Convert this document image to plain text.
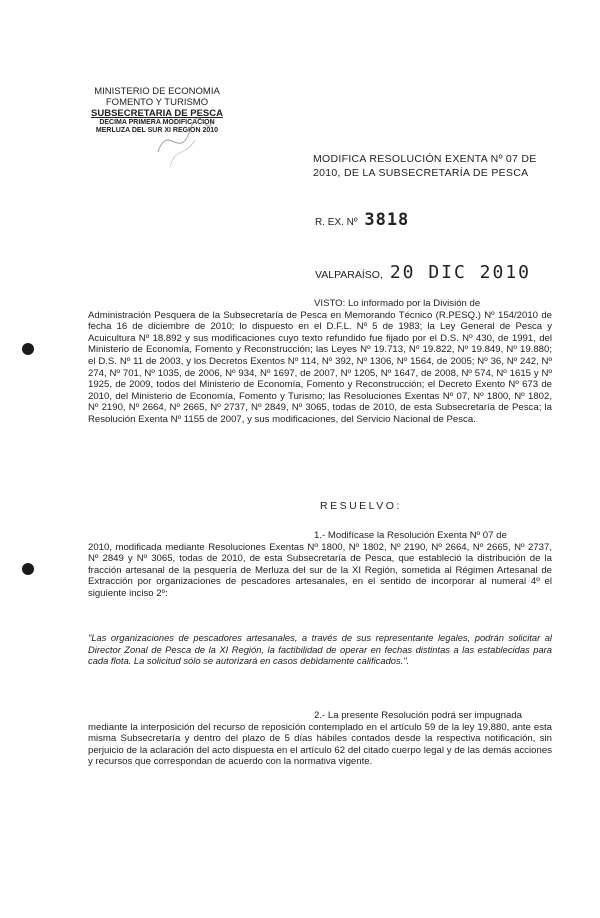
MINISTERIO DE ECONOMIA
FOMENTO Y TURISMO
SUBSECRETARIA DE PESCA
DECIMA PRIMERA MODIFICACION
MERLUZA DEL SUR XI REGION 2010
MODIFICA RESOLUCIÓN EXENTA Nº 07 DE 2010, DE LA SUBSECRETARÍA DE PESCA
R. EX. Nº 3818
VALPARAÍSO, 20 DIC 2010
VISTO: Lo informado por la División de
Administración Pesquera de la Subsecretaría de Pesca en Memorando Técnico (R.PESQ.) Nº 154/2010 de fecha 16 de diciembre de 2010; lo dispuesto en el D.F.L. Nº 5 de 1983; la Ley General de Pesca y Acuicultura Nº 18.892 y sus modificaciones cuyo texto refundido fue fijado por el D.S. Nº 430, de 1991, del Ministerio de Economía, Fomento y Reconstrucción; las Leyes Nº 19.713, Nº 19.822, Nº 19.849, Nº 19.880; el D.S. Nº 11 de 2003, y los Decretos Exentos Nº 114, Nº 392, Nº 1306, Nº 1564, de 2005; Nº 36, Nº 242, Nº 274, Nº 701, Nº 1035, de 2006, Nº 934, Nº 1697, de 2007, Nº 1205, Nº 1647, de 2008, Nº 574, Nº 1615 y Nº 1925, de 2009, todos del Ministerio de Economía, Fomento y Reconstrucción; el Decreto Exento Nº 673 de 2010, del Ministerio de Economía, Fomento y Turismo; las Resoluciones Exentas Nº 07, Nº 1800, Nº 1802, Nº 2190, Nº 2664, Nº 2665, Nº 2737, Nº 2849, Nº 3065, todas de 2010, de esta Subsecretaría de Pesca; la Resolución Exenta Nº 1155 de 2007, y sus modificaciones, del Servicio Nacional de Pesca.
RESUELVO:
1.- Modifícase la Resolución Exenta Nº 07 de
2010, modificada mediante Resoluciones Exentas Nº 1800, Nº 1802, Nº 2190, Nº 2664, Nº 2665, Nº 2737, Nº 2849 y Nº 3065, todas de 2010, de esta Subsecretaría de Pesca, que estableció la distribución de la fracción artesanal de la pesquería de Merluza del sur de la XI Región, sometida al Régimen Artesanal de Extracción por organizaciones de pescadores artesanales, en el sentido de incorporar al numeral 4º el siguiente inciso 2º:
"Las organizaciones de pescadores artesanales, a través de sus representante legales, podrán solicitar al Director Zonal de Pesca de la XI Región, la factibilidad de operar en fechas distintas a las establecidas para cada flota. La solicitud sólo se autorizará en casos debidamente calificados.".
2.- La presente Resolución podrá ser impugnada
mediante la interposición del recurso de reposición contemplado en el artículo 59 de la ley 19.880, ante esta misma Subsecretaría y dentro del plazo de 5 días hábiles contados desde la respectiva notificación, sin perjuicio de la aclaración del acto dispuesta en el artículo 62 del citado cuerpo legal y de las demás acciones y recursos que correspondan de acuerdo con la normativa vigente.
